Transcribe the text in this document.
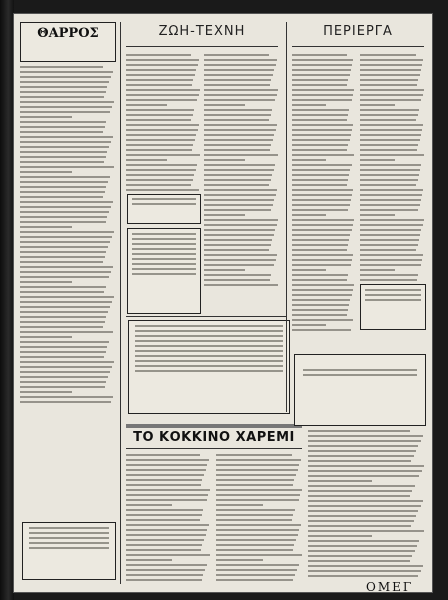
ΘΑΡΡΟΣ	ΖΩΗ-ΤΕΧΝΗ
ΤΟ ΚΟΚΚΙΝΟ ΧΑΡΕΜΙ
ΠΕΡΙΕΡΓΑ
ΟΜΕΓ
